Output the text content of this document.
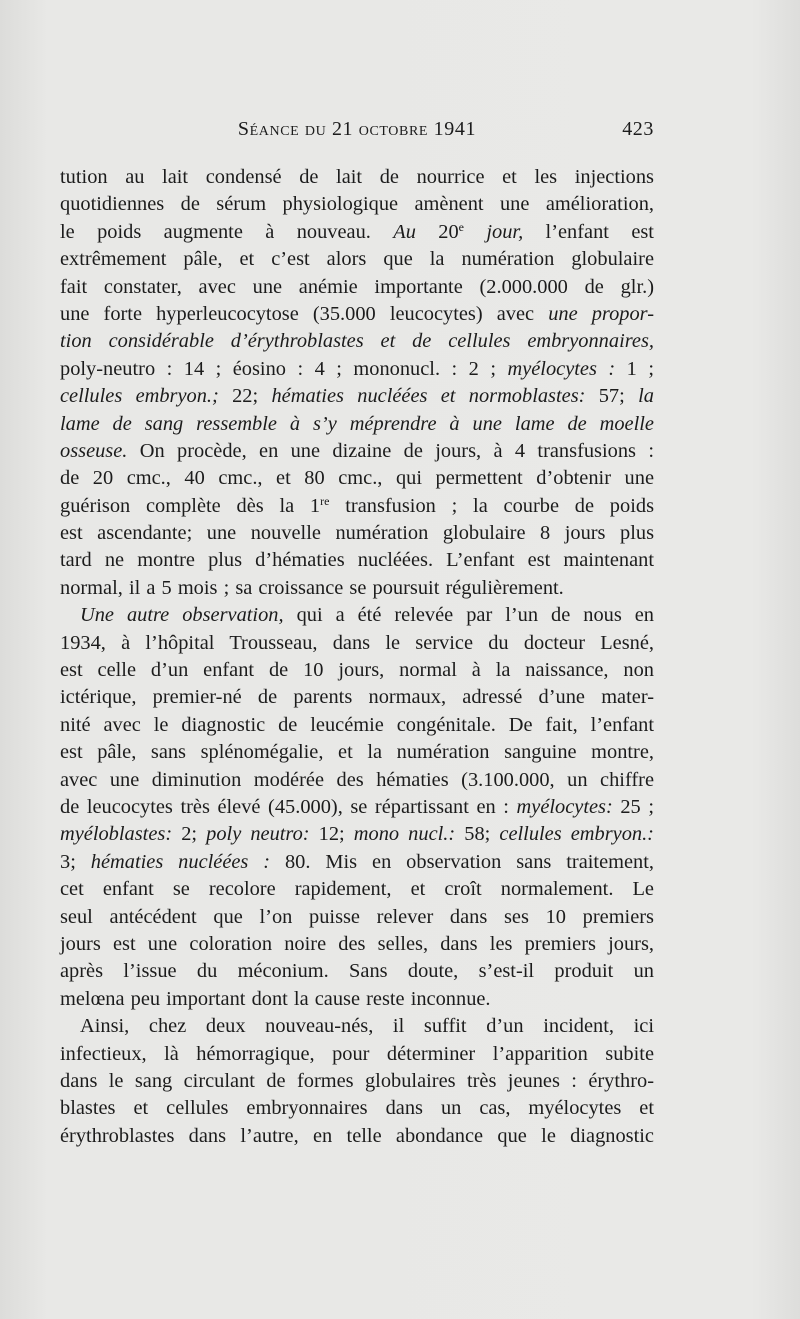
Séance du 21 octobre 1941	423
tution au lait condensé de lait de nourrice et les injections
quotidiennes de sérum physiologique amènent une amélioration,
le poids augmente à nouveau. Au 20e jour, l’enfant est
extrêmement pâle, et c’est alors que la numération globulaire
fait constater, avec une anémie importante (2.000.000 de glr.)
une forte hyperleucocytose (35.000 leucocytes) avec une propor-
tion considérable d’érythroblastes et de cellules embryonnaires,
poly-neutro : 14 ; éosino : 4 ; mononucl. : 2 ; myélocytes : 1 ;
cellules embryon.; 22; hématies nucléées et normoblastes: 57; la
lame de sang ressemble à s’y méprendre à une lame de moelle
osseuse. On procède, en une dizaine de jours, à 4 transfusions :
de 20 cmc., 40 cmc., et 80 cmc., qui permettent d’obtenir une
guérison complète dès la 1re transfusion ; la courbe de poids
est ascendante; une nouvelle numération globulaire 8 jours plus
tard ne montre plus d’hématies nucléées. L’enfant est maintenant
normal, il a 5 mois ; sa croissance se poursuit régulièrement.
Une autre observation, qui a été relevée par l’un de nous en
1934, à l’hôpital Trousseau, dans le service du docteur Lesné,
est celle d’un enfant de 10 jours, normal à la naissance, non
ictérique, premier-né de parents normaux, adressé d’une mater-
nité avec le diagnostic de leucémie congénitale. De fait, l’enfant
est pâle, sans splénomégalie, et la numération sanguine montre,
avec une diminution modérée des hématies (3.100.000, un chiffre
de leucocytes très élevé (45.000), se répartissant en : myélocytes: 25 ;
myéloblastes: 2; poly neutro: 12; mono nucl.: 58; cellules embryon.:
3; hématies nucléées : 80. Mis en observation sans traitement,
cet enfant se recolore rapidement, et croît normalement. Le
seul antécédent que l’on puisse relever dans ses 10 premiers
jours est une coloration noire des selles, dans les premiers jours,
après l’issue du méconium. Sans doute, s’est-il produit un
melœna peu important dont la cause reste inconnue.
Ainsi, chez deux nouveau-nés, il suffit d’un incident, ici
infectieux, là hémorragique, pour déterminer l’apparition subite
dans le sang circulant de formes globulaires très jeunes : érythro-
blastes et cellules embryonnaires dans un cas, myélocytes et
érythroblastes dans l’autre, en telle abondance que le diagnostic
